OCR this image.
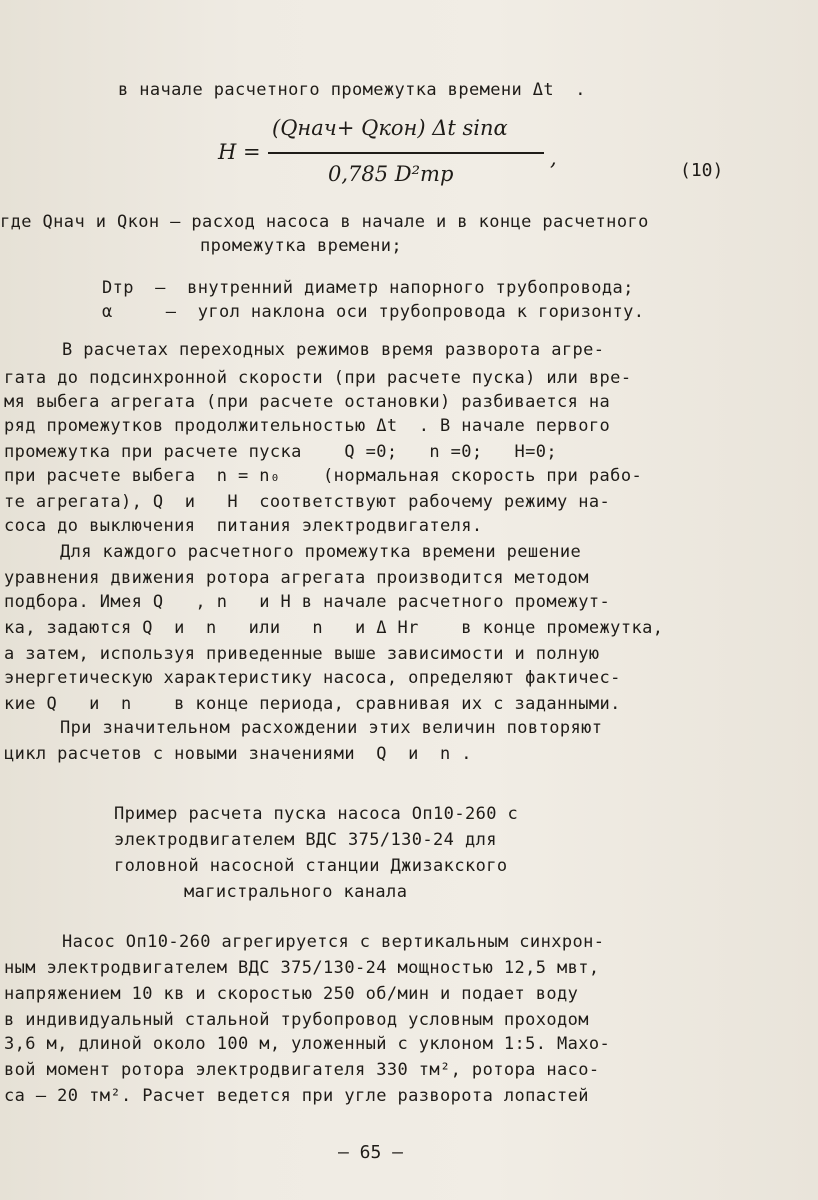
в начале расчетного промежутка времени Δt  .
H =
(Qнач+ Qкон) Δt sinα
0,785 D²тр
,
(10)
где Qнач и Qкон – расход насоса в начале и в конце расчетного
промежутка времени;
Dтр  –  внутренний диаметр напорного трубопровода;
α     –  угол наклона оси трубопровода к горизонту.
В расчетах переходных режимов время разворота агре-
гата до подсинхронной скорости (при расчете пуска) или вре-
мя выбега агрегата (при расчете остановки) разбивается на
ряд промежутков продолжительностью Δt  . В начале первого
промежутка при расчете пуска    Q =0;   n =0;   H=0;
при расчете выбега  n = n₀    (нормальная скорость при рабо-
те агрегата), Q  и   H  соответствуют рабочему режиму на-
соса до выключения  питания электродвигателя.
Для каждого расчетного промежутка времени решение
уравнения движения ротора агрегата производится методом
подбора. Имея Q   , n   и H в начале расчетного промежут-
ка, задаются Q  и  n   или   n   и Δ Hr    в конце промежутка,
а затем, используя приведенные выше зависимости и полную
энергетическую характеристику насоса, определяют фактичес-
кие Q   и  n    в конце периода, сравнивая их с заданными.
При значительном расхождении этих величин повторяют
цикл расчетов с новыми значениями  Q  и  n .
Пример расчета пуска насоса Оп10-260 с
электродвигателем ВДС 375/130-24 для
головной насосной станции Джизакского
магистрального канала
Насос Оп10-260 агрегируется с вертикальным синхрон-
ным электродвигателем ВДС 375/130-24 мощностью 12,5 мвт,
напряжением 10 кв и скоростью 250 об/мин и подает воду
в индивидуальный стальной трубопровод условным проходом
3,6 м, длиной около 100 м, уложенный с уклоном 1:5. Махо-
вой момент ротора электродвигателя 330 тм², ротора насо-
са – 20 тм². Расчет ведется при угле разворота лопастей
– 65 –
